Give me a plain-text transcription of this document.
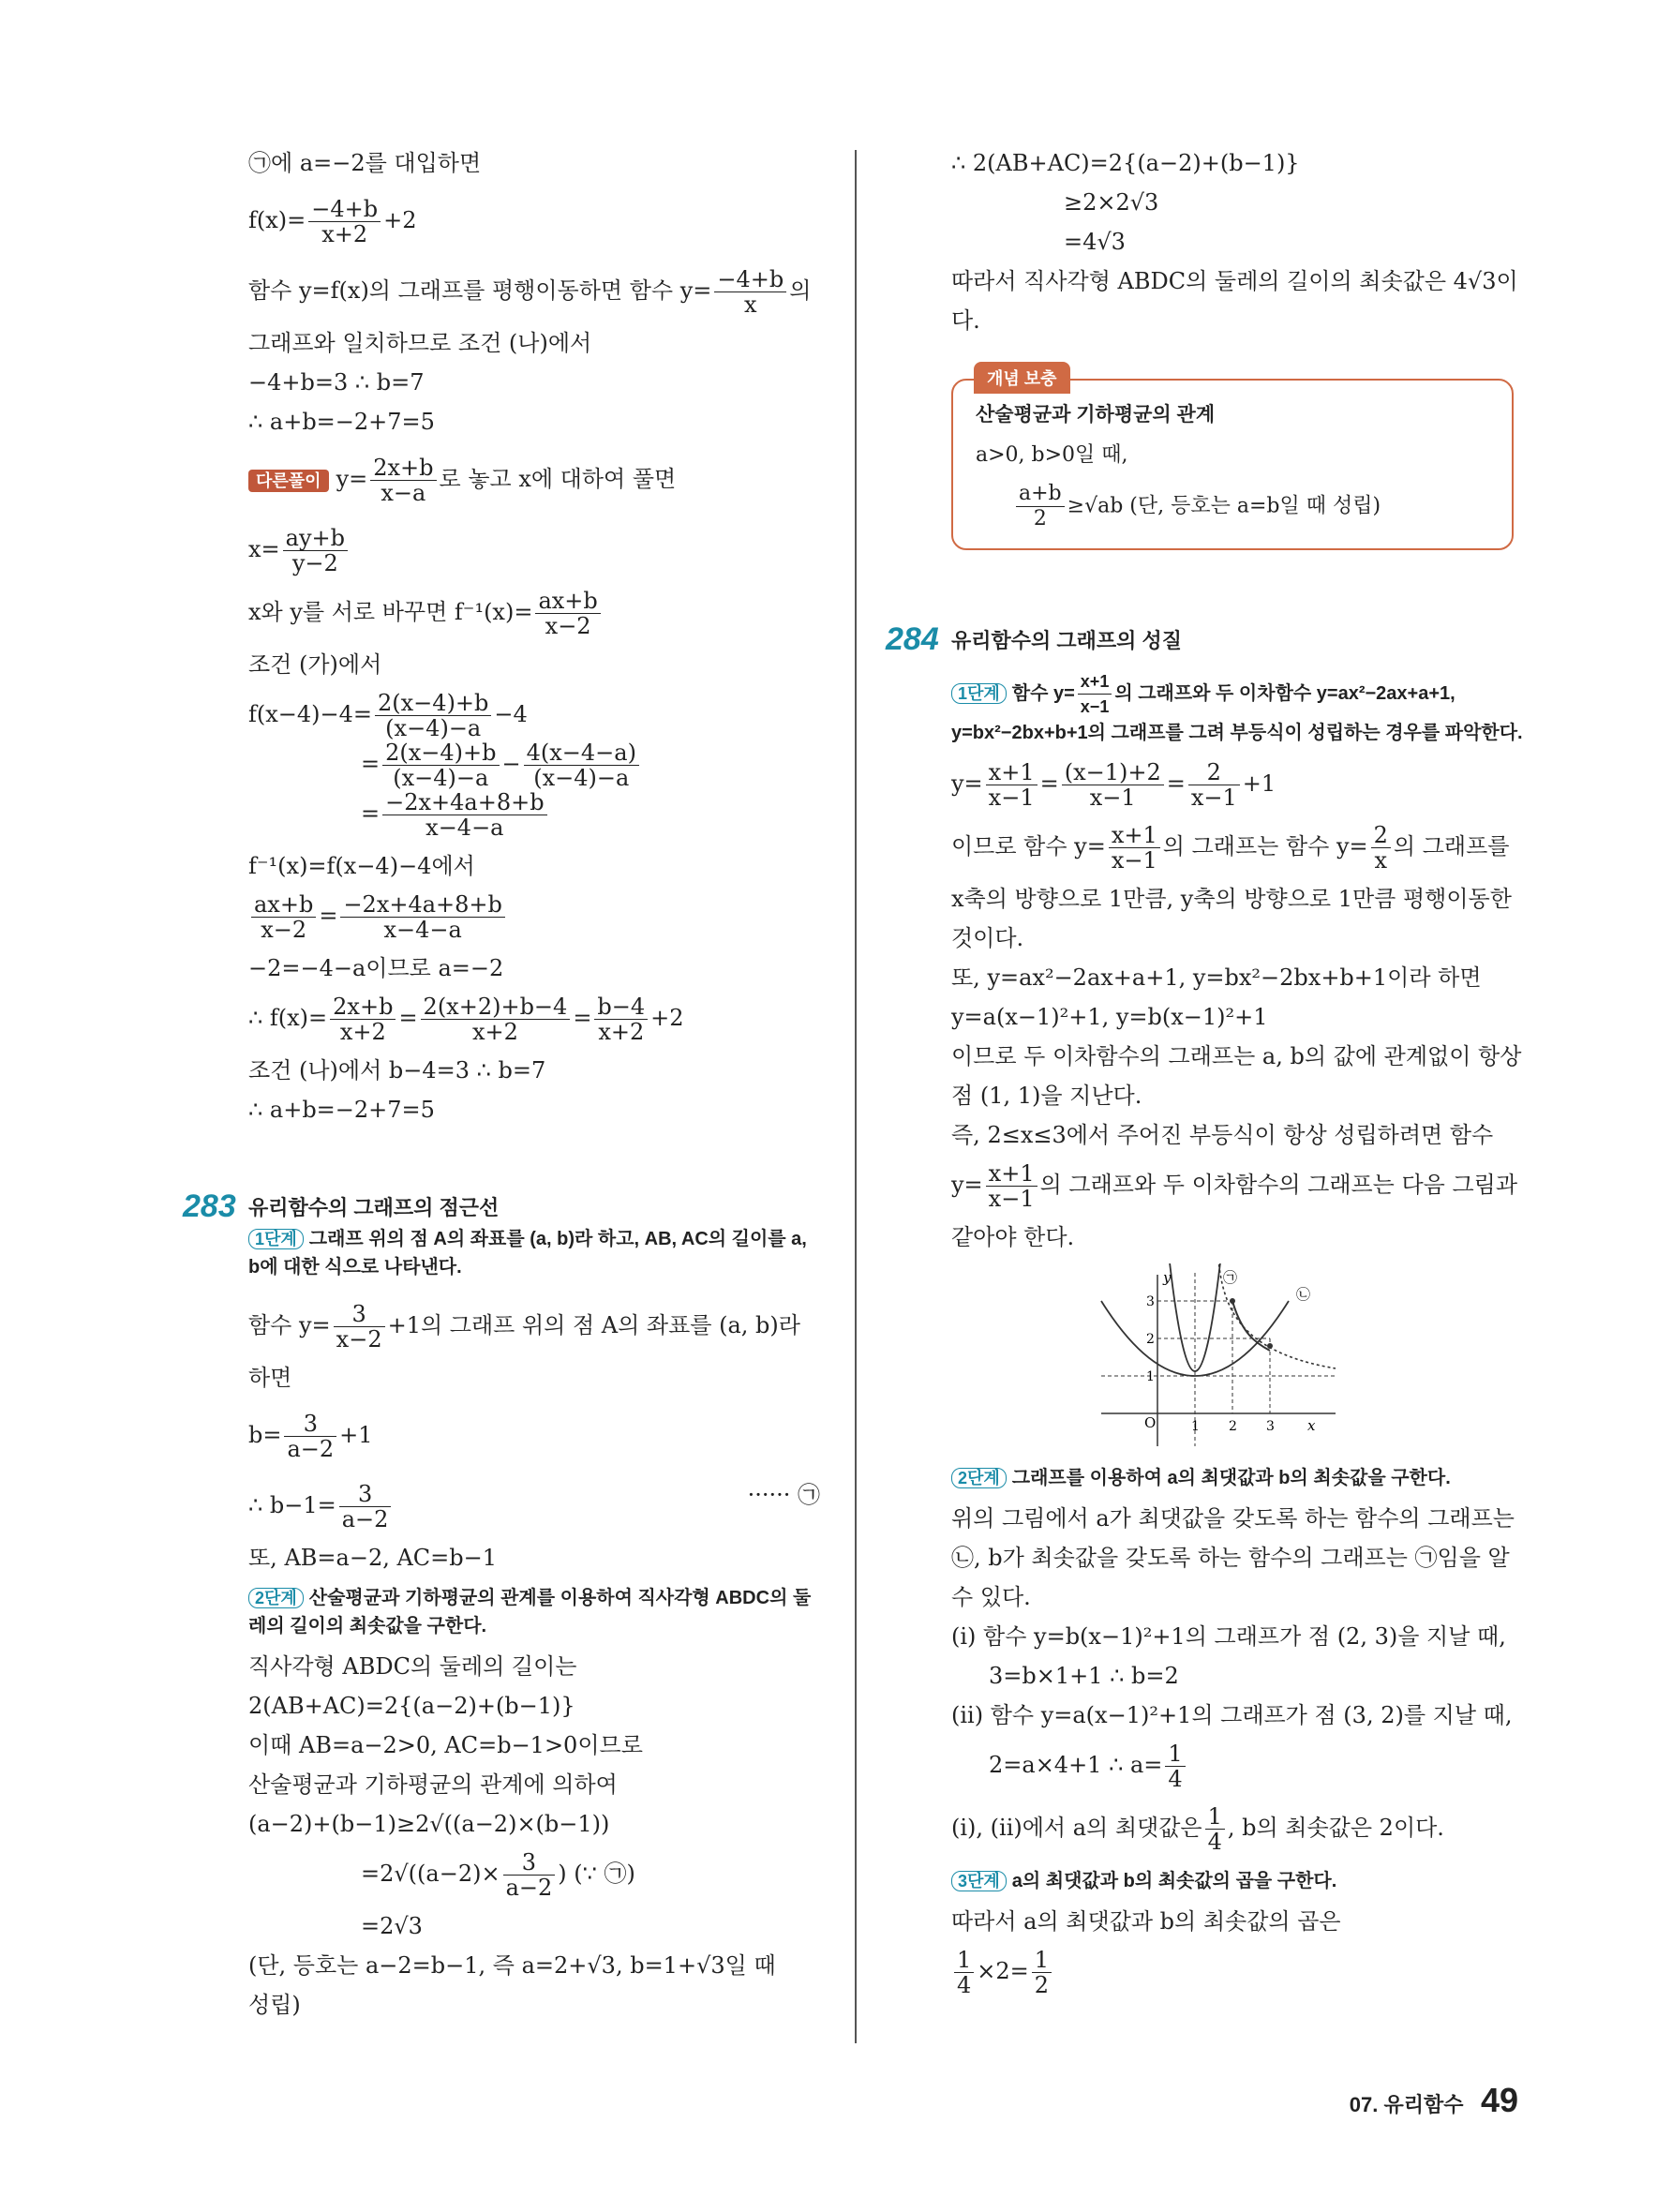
㉠에 a=−2를 대입하면
$f(x)= \frac{-4+b}{x+2} +2$
함수 y=f(x)의 그래프를 평행이동하면 함수 $y= \frac{-4+b}{x}$ 의
그래프와 일치하므로 조건 (나)에서
−4+b=3 ∴ b=7
∴ a+b=−2+7=5
다른풀이 $y= \frac{2x+b}{x-a}$ 로 놓고 x에 대하여 풀면
$x= \frac{ay+b}{y-2}$
x와 y를 서로 바꾸면 $f^{-1}(x)= \frac{ax+b}{x-2}$
조건 (가)에서
$f(x-4)-4= \frac{2(x-4)+b}{(x-4)-a} -4$
= $\frac{2(x-4)+b}{(x-4)-a} - \frac{4(x-4-a)}{(x-4)-a}$
= $\frac{-2x+4a+8+b}{x-4-a}$
f⁻¹(x)=f(x−4)−4에서
$\frac{ax+b}{x-2} = \frac{-2x+4a+8+b}{x-4-a}$
−2=−4−a이므로 a=−2
∴ $f(x)= \frac{2x+b}{x+2} = \frac{2(x+2)+b-4}{x+2} = \frac{b-4}{x+2} +2$
조건 (나)에서 b−4=3 ∴ b=7
∴ a+b=−2+7=5
283 유리함수의 그래프의 점근선
1단계 그래프 위의 점 A의 좌표를 (a, b)라 하고, AB, AC의 길이를 a, b에 대한 식으로 나타낸다.
함수 $y= \frac{3}{x-2} +1$의 그래프 위의 점 A의 좌표를 (a, b)라
하면
$b= \frac{3}{a-2} +1$
∴ $b-1= \frac{3}{a-2}$	······ ㉠
또, AB=a−2, AC=b−1
2단계 산술평균과 기하평균의 관계를 이용하여 직사각형 ABDC의 둘레의 길이의 최솟값을 구한다.
직사각형 ABDC의 둘레의 길이는
2(AB+AC)=2{(a−2)+(b−1)}
이때 AB=a−2>0, AC=b−1>0이므로
산술평균과 기하평균의 관계에 의하여
(a−2)+(b−1)≥2√((a−2)×(b−1))
$=2√((a-2)\times \frac{3}{a-2}$ ) (∵ ㉠)
=2√3
(단, 등호는 a−2=b−1, 즉 a=2+√3, b=1+√3일 때
성립)
∴ 2(AB+AC)=2{(a−2)+(b−1)}
≥2×2√3
=4√3
따라서 직사각형 ABDC의 둘레의 길이의 최솟값은 4√3이
다.
개념 보충
산술평균과 기하평균의 관계
a>0, b>0일 때,
$\frac{a+b}{2} \ge√ab$ (단, 등호는 a=b일 때 성립)
284 유리함수의 그래프의 성질
1단계 함수 $y= \frac{x+1}{x-1}$ 의 그래프와 두 이차함수 y=ax²−2ax+a+1,
y=bx²−2bx+b+1의 그래프를 그려 부등식이 성립하는 경우를 파악한다.
$y= \frac{x+1}{x-1} = \frac{(x-1)+2}{x-1} = \frac{2}{x-1} +1$
이므로 함수 $y= \frac{x+1}{x-1}$ 의 그래프는 함수 $y= \frac{2}{x}$ 의 그래프를
x축의 방향으로 1만큼, y축의 방향으로 1만큼 평행이동한
것이다.
또, y=ax²−2ax+a+1, y=bx²−2bx+b+1이라 하면
y=a(x−1)²+1, y=b(x−1)²+1
이므로 두 이차함수의 그래프는 a, b의 값에 관계없이 항상
점 (1, 1)을 지난다.
즉, 2≤x≤3에서 주어진 부등식이 항상 성립하려면 함수
$y= \frac{x+1}{x-1}$ 의 그래프와 두 이차함수의 그래프는 다음 그림과
같아야 한다.
O	1 2 3 x
1
2
3
y	㉠
㉡
2단계 그래프를 이용하여 a의 최댓값과 b의 최솟값을 구한다.
위의 그림에서 a가 최댓값을 갖도록 하는 함수의 그래프는
㉡, b가 최솟값을 갖도록 하는 함수의 그래프는 ㉠임을 알
수 있다.
(i) 함수 y=b(x−1)²+1의 그래프가 점 (2, 3)을 지날 때,
3=b×1+1 ∴ b=2
(ii) 함수 y=a(x−1)²+1의 그래프가 점 (3, 2)를 지날 때,
2=a×4+1 ∴ $a= \frac{1}{4}$
(i), (ii)에서 a의 최댓값은 $\frac{1}{4}$ , b의 최솟값은 2이다.
3단계 a의 최댓값과 b의 최솟값의 곱을 구한다.
따라서 a의 최댓값과 b의 최솟값의 곱은
$\frac{1}{4} \times 2= \frac{1}{2}$
07. 유리함수 49
